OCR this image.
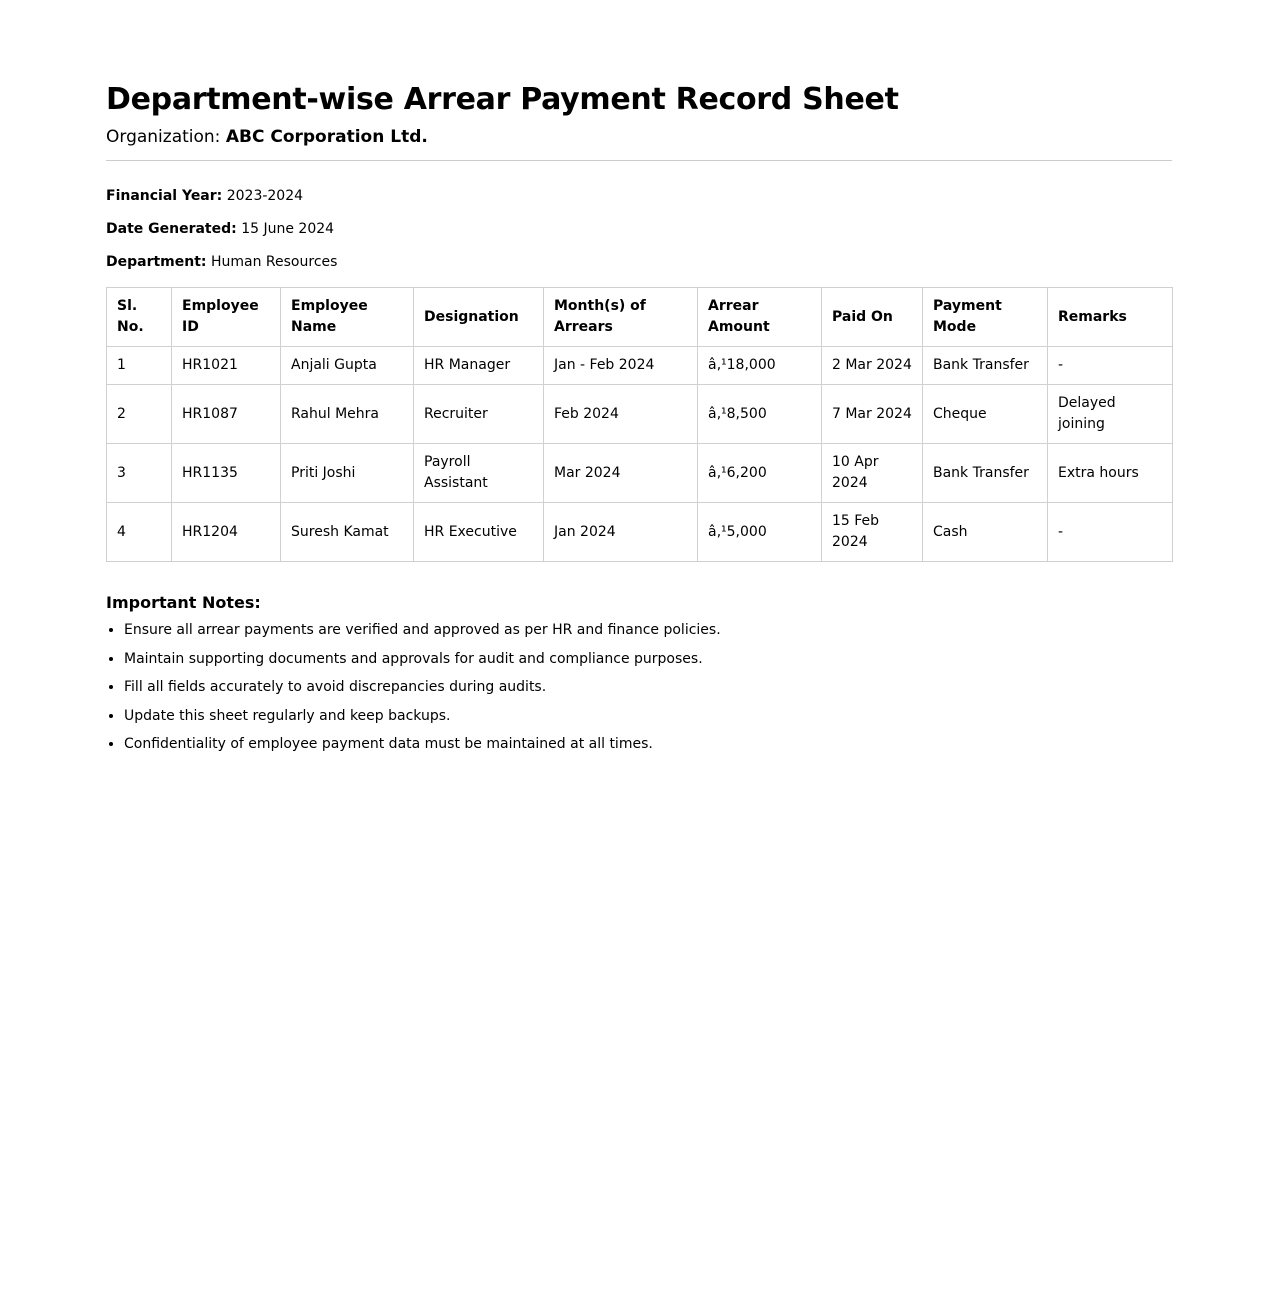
Department-wise Arrear Payment Record Sheet
Organization: ABC Corporation Ltd.
Financial Year: 2023-2024
Date Generated: 15 June 2024
Department: Human Resources
Sl. No.	Employee ID	Employee Name	Designation	Month(s) of Arrears	Arrear Amount	Paid On	Payment Mode	Remarks
1	HR1021	Anjali Gupta	HR Manager	Jan - Feb 2024	â‚¹18,000	2 Mar 2024	Bank Transfer	-
2	HR1087	Rahul Mehra	Recruiter	Feb 2024	â‚¹8,500	7 Mar 2024	Cheque	Delayed joining
3	HR1135	Priti Joshi	Payroll Assistant	Mar 2024	â‚¹6,200	10 Apr 2024	Bank Transfer	Extra hours
4	HR1204	Suresh Kamat	HR Executive	Jan 2024	â‚¹5,000	15 Feb 2024	Cash	-
Important Notes:
• Ensure all arrear payments are verified and approved as per HR and finance policies.
• Maintain supporting documents and approvals for audit and compliance purposes.
• Fill all fields accurately to avoid discrepancies during audits.
• Update this sheet regularly and keep backups.
• Confidentiality of employee payment data must be maintained at all times.
